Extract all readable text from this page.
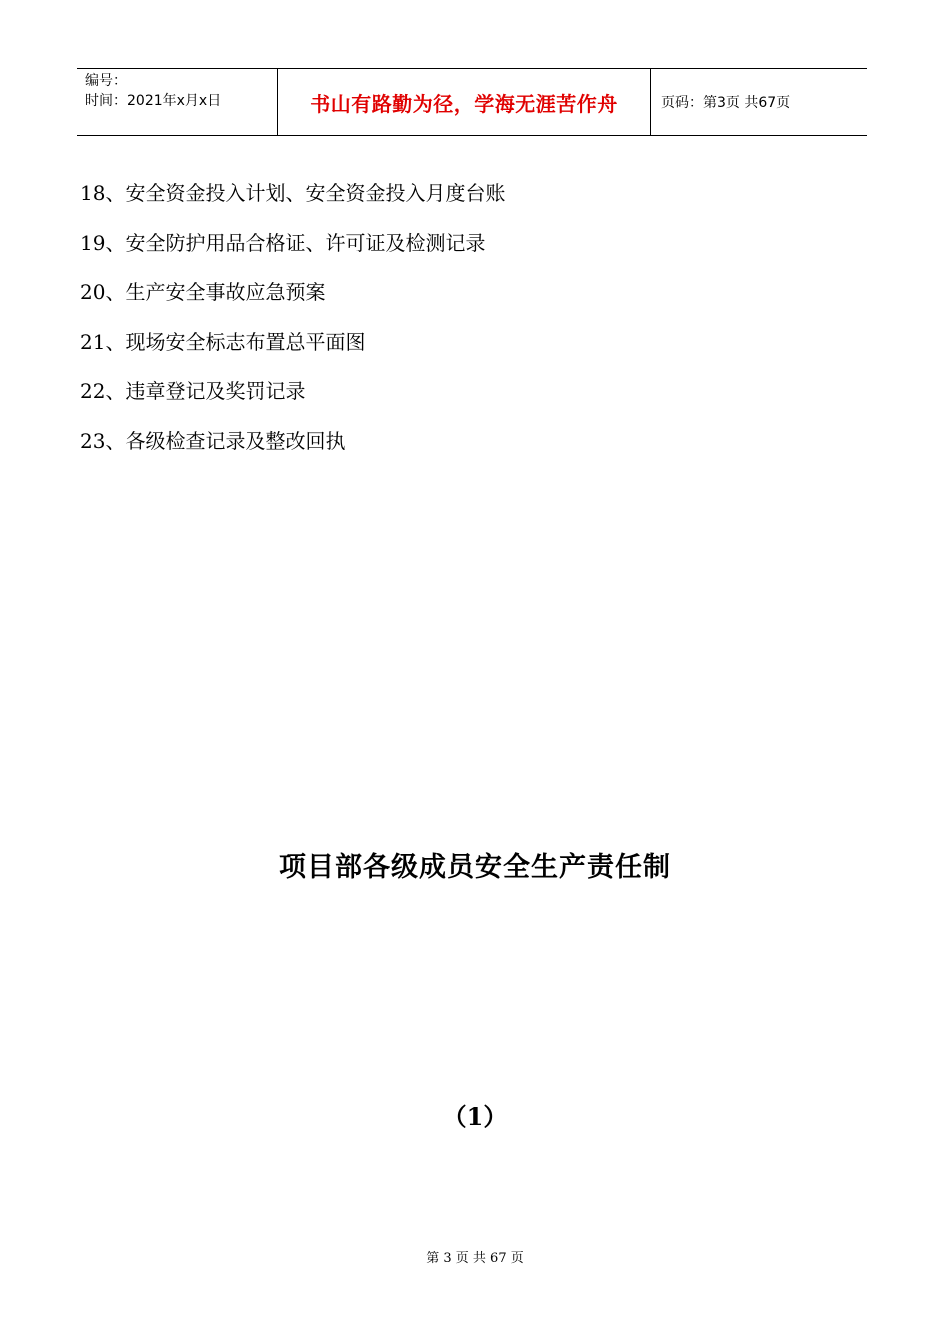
编号：
时间：2021年x月x日	书山有路勤为径，学海无涯苦作舟	页码：第3页 共67页
18、安全资金投入计划、安全资金投入月度台账
19、安全防护用品合格证、许可证及检测记录
20、生产安全事故应急预案
21、现场安全标志布置总平面图
22、违章登记及奖罚记录
23、各级检查记录及整改回执
项目部各级成员安全生产责任制
（1）
第 3 页 共 67 页
